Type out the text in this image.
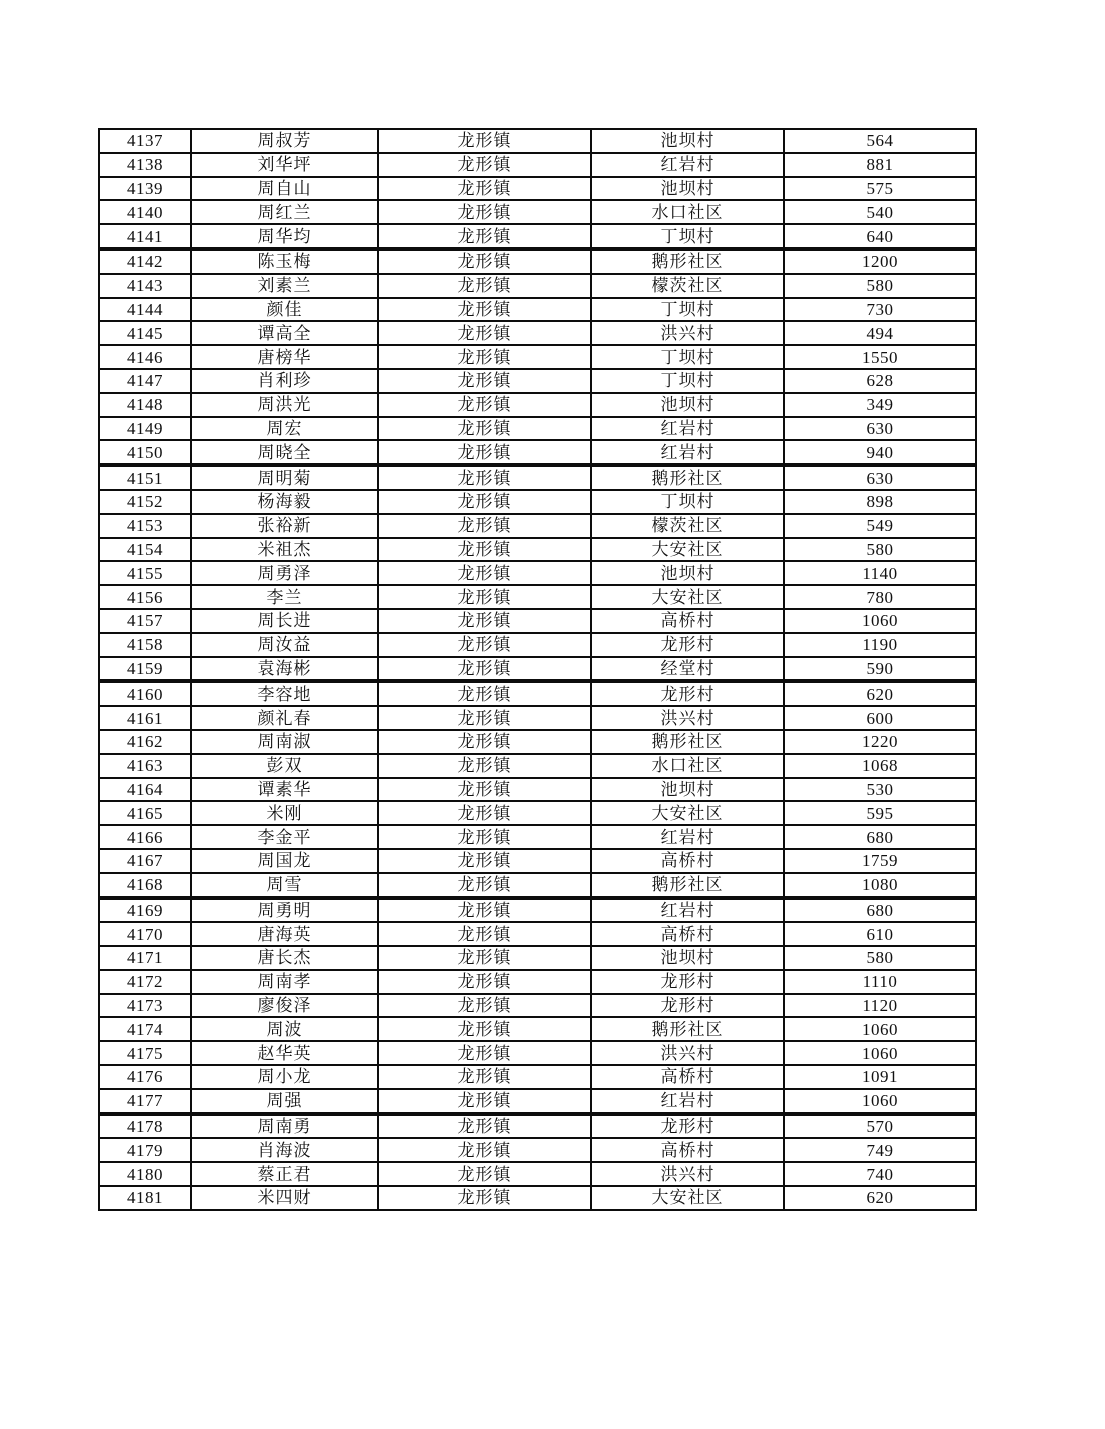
4137	周叔芳	龙形镇	池坝村	564
4138	刘华坪	龙形镇	红岩村	881
4139	周自山	龙形镇	池坝村	575
4140	周红兰	龙形镇	水口社区	540
4141	周华均	龙形镇	丁坝村	640
4142	陈玉梅	龙形镇	鹅形社区	1200
4143	刘素兰	龙形镇	檬茨社区	580
4144	颜佳	龙形镇	丁坝村	730
4145	谭高全	龙形镇	洪兴村	494
4146	唐榜华	龙形镇	丁坝村	1550
4147	肖利珍	龙形镇	丁坝村	628
4148	周洪光	龙形镇	池坝村	349
4149	周宏	龙形镇	红岩村	630
4150	周晓全	龙形镇	红岩村	940
4151	周明菊	龙形镇	鹅形社区	630
4152	杨海毅	龙形镇	丁坝村	898
4153	张裕新	龙形镇	檬茨社区	549
4154	米祖杰	龙形镇	大安社区	580
4155	周勇泽	龙形镇	池坝村	1140
4156	李兰	龙形镇	大安社区	780
4157	周长进	龙形镇	高桥村	1060
4158	周汝益	龙形镇	龙形村	1190
4159	袁海彬	龙形镇	经堂村	590
4160	李容地	龙形镇	龙形村	620
4161	颜礼春	龙形镇	洪兴村	600
4162	周南淑	龙形镇	鹅形社区	1220
4163	彭双	龙形镇	水口社区	1068
4164	谭素华	龙形镇	池坝村	530
4165	米刚	龙形镇	大安社区	595
4166	李金平	龙形镇	红岩村	680
4167	周国龙	龙形镇	高桥村	1759
4168	周雪	龙形镇	鹅形社区	1080
4169	周勇明	龙形镇	红岩村	680
4170	唐海英	龙形镇	高桥村	610
4171	唐长杰	龙形镇	池坝村	580
4172	周南孝	龙形镇	龙形村	1110
4173	廖俊泽	龙形镇	龙形村	1120
4174	周波	龙形镇	鹅形社区	1060
4175	赵华英	龙形镇	洪兴村	1060
4176	周小龙	龙形镇	高桥村	1091
4177	周强	龙形镇	红岩村	1060
4178	周南勇	龙形镇	龙形村	570
4179	肖海波	龙形镇	高桥村	749
4180	蔡正君	龙形镇	洪兴村	740
4181	米四财	龙形镇	大安社区	620
